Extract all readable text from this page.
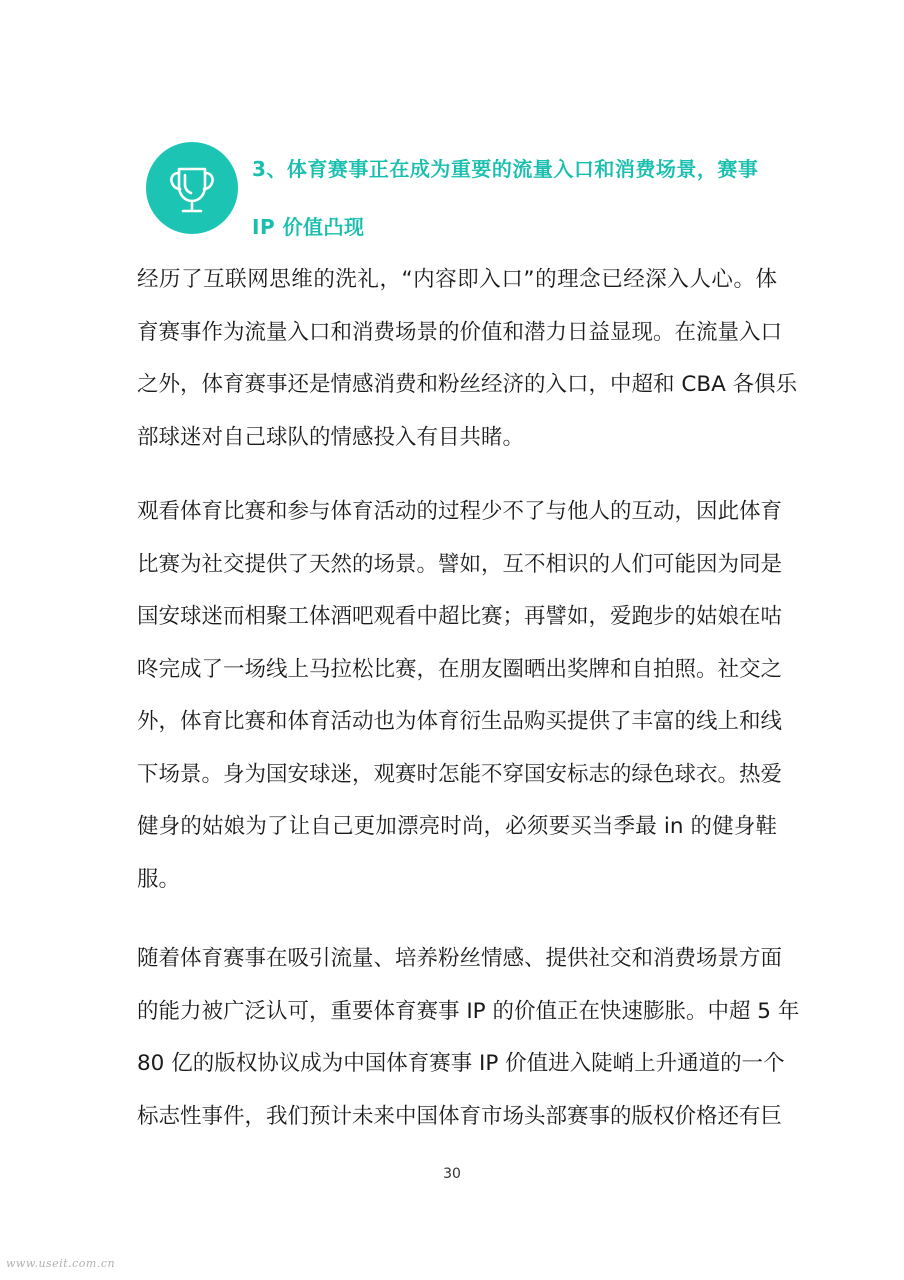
3、体育赛事正在成为重要的流量入口和消费场景，赛事
IP 价值凸现
经历了互联网思维的洗礼，“内容即入口”的理念已经深入人心。体
育赛事作为流量入口和消费场景的价值和潜力日益显现。在流量入口
之外，体育赛事还是情感消费和粉丝经济的入口，中超和 CBA 各俱乐
部球迷对自己球队的情感投入有目共睹。
观看体育比赛和参与体育活动的过程少不了与他人的互动，因此体育
比赛为社交提供了天然的场景。譬如，互不相识的人们可能因为同是
国安球迷而相聚工体酒吧观看中超比赛；再譬如，爱跑步的姑娘在咕
咚完成了一场线上马拉松比赛，在朋友圈晒出奖牌和自拍照。社交之
外，体育比赛和体育活动也为体育衍生品购买提供了丰富的线上和线
下场景。身为国安球迷，观赛时怎能不穿国安标志的绿色球衣。热爱
健身的姑娘为了让自己更加漂亮时尚，必须要买当季最 in 的健身鞋
服。
随着体育赛事在吸引流量、培养粉丝情感、提供社交和消费场景方面
的能力被广泛认可，重要体育赛事 IP 的价值正在快速膨胀。中超 5 年
80 亿的版权协议成为中国体育赛事 IP 价值进入陡峭上升通道的一个
标志性事件，我们预计未来中国体育市场头部赛事的版权价格还有巨
30
www.useit.com.cn
